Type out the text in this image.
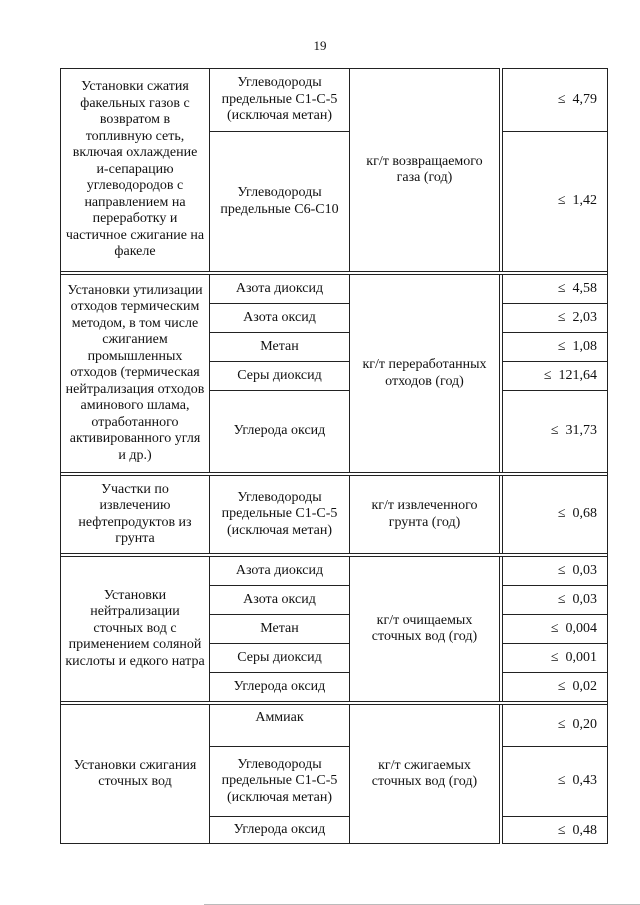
19
Установки сжатия факельных газов с возвратом в топливную сеть, включая охлаждение и-сепарацию углеводородов с направлением на переработку и частичное сжигание на факеле	Углеводороды предельные С1-С-5 (исключая метан)	кг/т возвращаемого газа (год)		≤ 4,79
	Углеводороды предельные С6-С10			≤ 1,42

Установки утилизации отходов термическим методом, в том числе сжиганием промышленных отходов (термическая нейтрализация отходов аминового шлама, отработанного активированного угля и др.)	Азота диоксид	кг/т переработанных отходов (год)		≤ 4,58
	Азота оксид			≤ 2,03
	Метан			≤ 1,08
	Серы диоксид			≤ 121,64
	Углерода оксид			≤ 31,73

Участки по извлечению нефтепродуктов из грунта	Углеводороды предельные С1-С-5 (исключая метан)	кг/т извлеченного грунта (год)		≤ 0,68

Установки нейтрализации сточных вод с применением соляной кислоты и едкого натра	Азота диоксид	кг/т очищаемых сточных вод (год)		≤ 0,03
	Азота оксид			≤ 0,03
	Метан			≤ 0,004
	Серы диоксид			≤ 0,001
	Углерода оксид			≤ 0,02

Установки сжигания сточных вод	Аммиак	кг/т сжигаемых сточных вод (год)		≤ 0,20
	Углеводороды предельные С1-С-5 (исключая метан)			≤ 0,43
	Углерода оксид			≤ 0,48
